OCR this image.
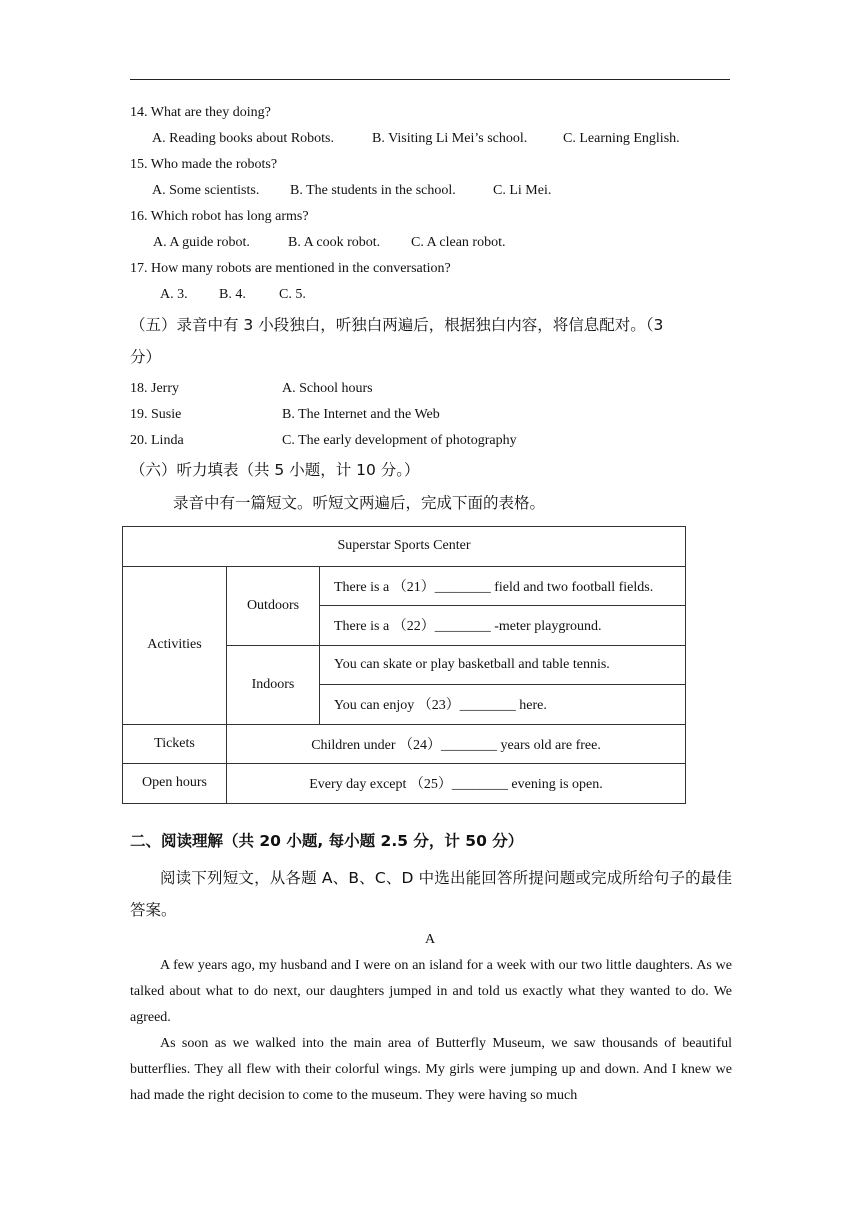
14. What are they doing?
A. Reading books about Robots.	B. Visiting Li Mei’s school.	C. Learning English.
15. Who made the robots?
A. Some scientists. B. The students in the school.	C. Li Mei.
16. Which robot has long arms?
A. A guide robot.	B. A cook robot. C. A clean robot.
17. How many robots are mentioned in the conversation?
A. 3. B. 4. C. 5.
（五）录音中有 3 小段独白，听独白两遍后，根据独白内容，将信息配对。（3
分）
18. Jerry	A. School hours
19. Susie	B. The Internet and the Web
20. Linda	C. The early development of photography
（六）听力填表（共 5 小题，计 10 分。）
录音中有一篇短文。听短文两遍后，完成下面的表格。
Superstar Sports Center		
Activities	Outdoors	There is a （21）________ field and two football fields.
		There is a （22）________ -meter playground.
	Indoors	You can skate or play basketball and table tennis.
		You can enjoy （23）________ here.
Tickets	Children under （24）________ years old are free.	
Open hours	Every day except （25）________ evening is open.	
二、阅读理解（共 20 小题, 每小题 2.5 分，计 50 分）
阅读下列短文，从各题 A、B、C、D 中选出能回答所提问题或完成所给句子的最佳答案。
A
A few years ago, my husband and I were on an island for a week with our two little daughters. As we talked about what to do next, our daughters jumped in and told us exactly what they wanted to do. We agreed.
As soon as we walked into the main area of Butterfly Museum, we saw thousands of beautiful butterflies. They all flew with their colorful wings. My girls were jumping up and down. And I knew we had made the right decision to come to the museum. They were having so much
